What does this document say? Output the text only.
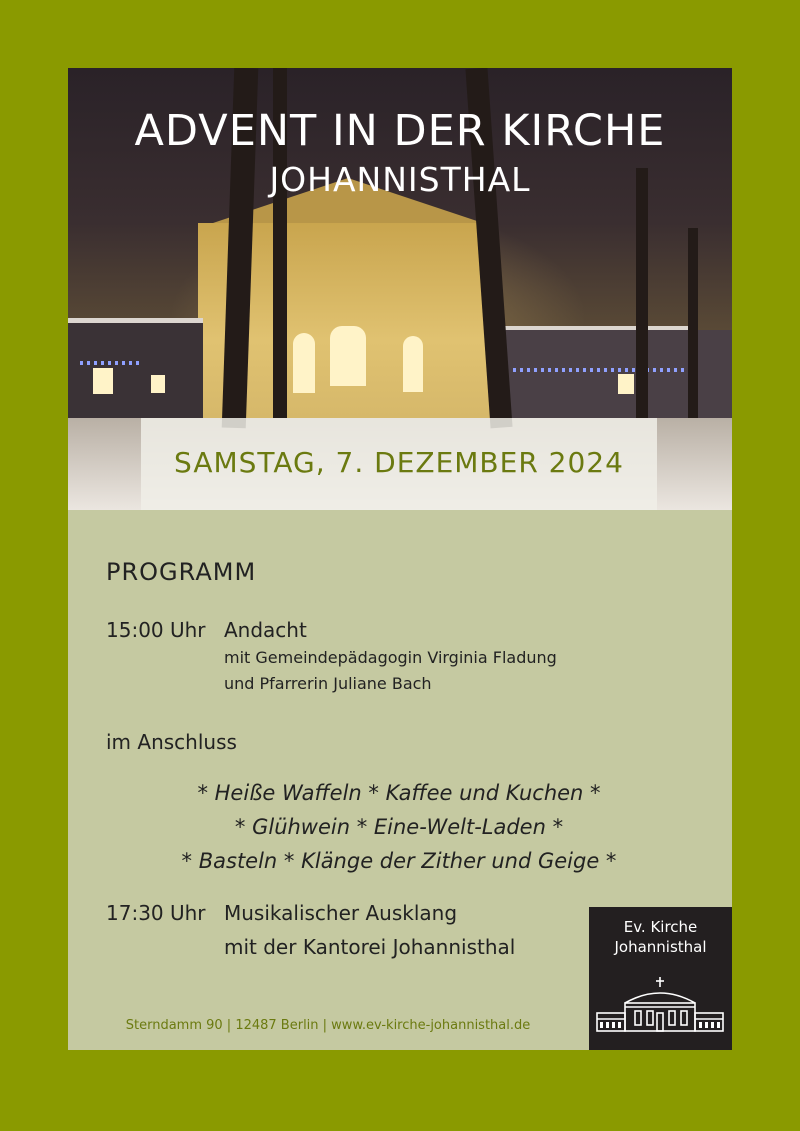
ADVENT IN DER KIRCHE
JOHANNISTHAL
SAMSTAG, 7. DEZEMBER 2024
PROGRAMM
15:00 Uhr Andacht
mit Gemeindepädagogin Virginia Fladung
und Pfarrerin Juliane Bach
im Anschluss
* Heiße Waffeln * Kaffee und Kuchen *
* Glühwein * Eine-Welt-Laden *
* Basteln * Klänge der Zither und Geige *
17:30 Uhr Musikalischer Ausklang
mit der Kantorei Johannisthal
Sterndamm 90 | 12487 Berlin | www.ev-kirche-johannisthal.de
Ev. Kirche
Johannisthal
